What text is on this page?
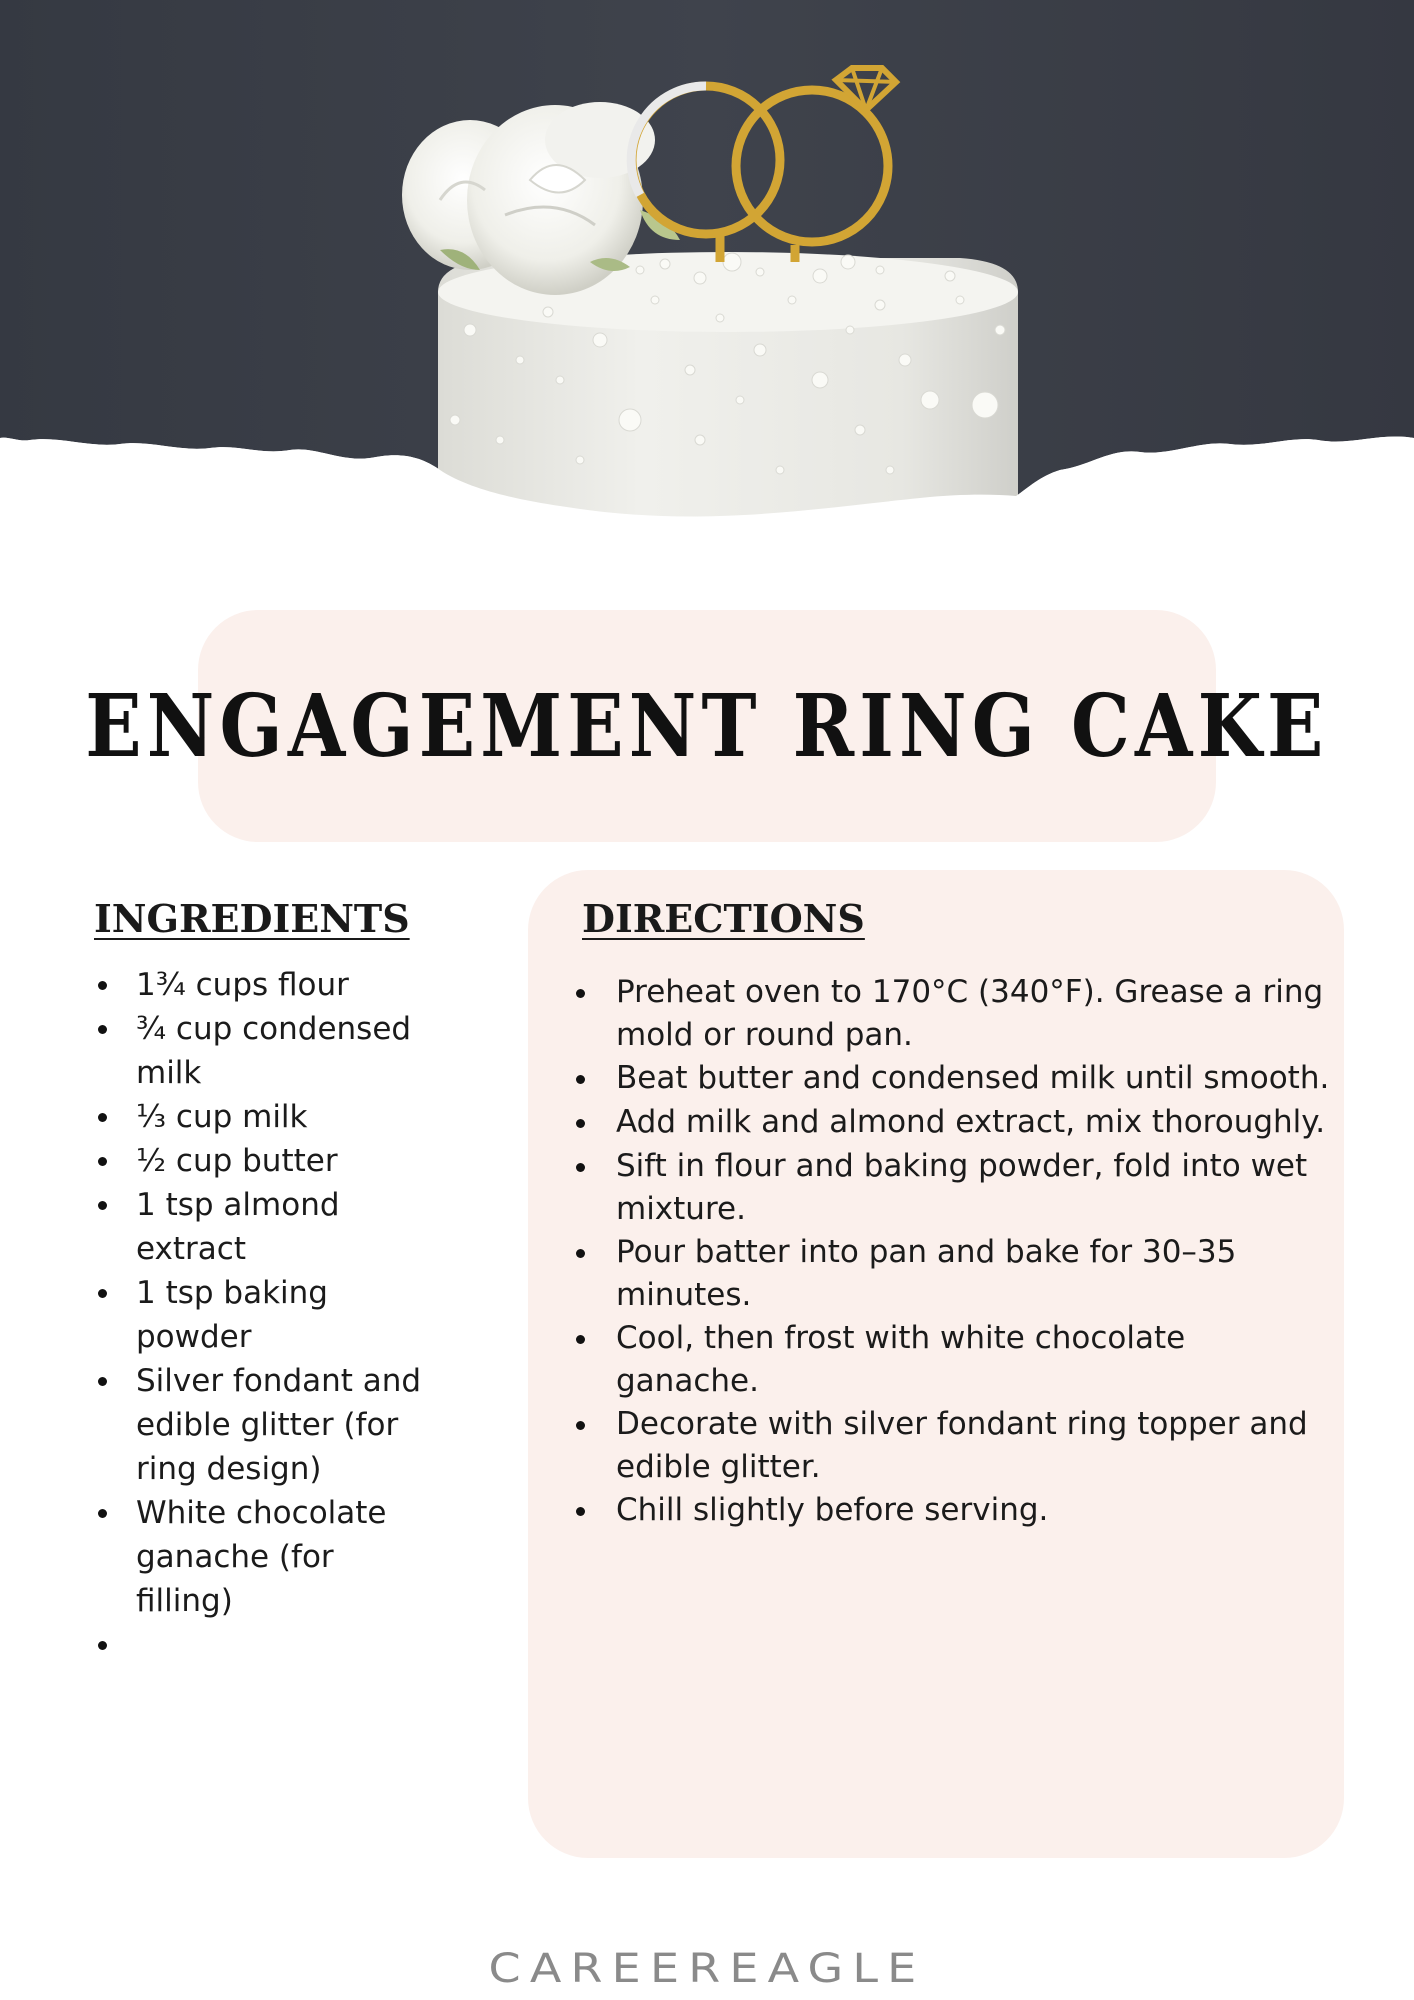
ENGAGEMENT RING CAKE
INGREDIENTS
1¾ cups flour
¾ cup condensed milk
⅓ cup milk
½ cup butter
1 tsp almond extract
1 tsp baking powder
Silver fondant and edible glitter (for ring design)
White chocolate ganache (for filling)
DIRECTIONS
Preheat oven to 170°C (340°F). Grease a ring mold or round pan.
Beat butter and condensed milk until smooth.
Add milk and almond extract, mix thoroughly.
Sift in flour and baking powder, fold into wet mixture.
Pour batter into pan and bake for 30–35 minutes.
Cool, then frost with white chocolate ganache.
Decorate with silver fondant ring topper and edible glitter.
Chill slightly before serving.
CAREEREAGLE
